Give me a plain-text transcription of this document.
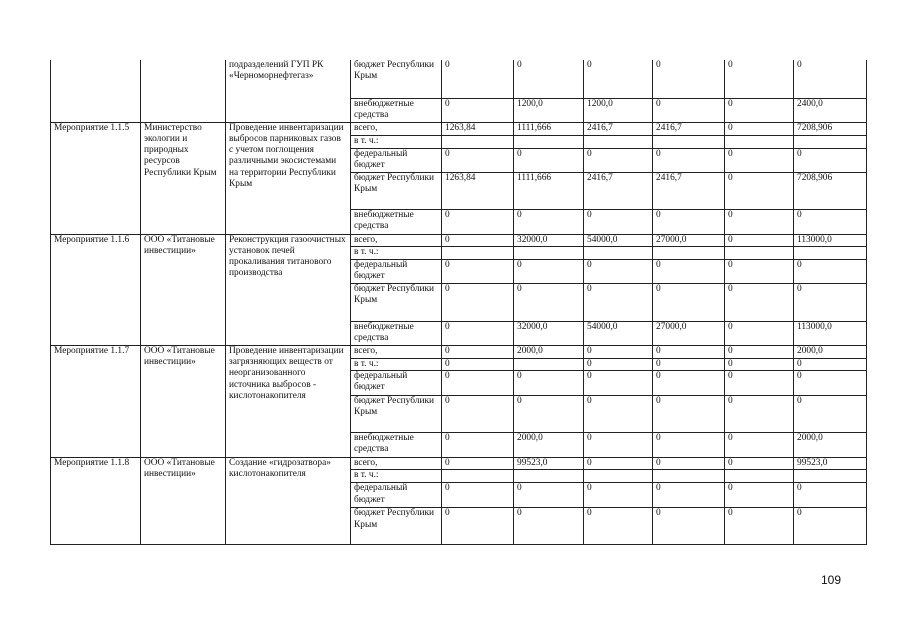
		подразделений ГУП РК «Черноморнефтегаз»	бюджет Республики Крым	0	0	0	0	0	0
			внебюджетные средства	0	1200,0	1200,0	0	0	2400,0
Мероприятие 1.1.5	Министерство экологии и природных ресурсов Республики Крым	Проведение инвентаризации выбросов парниковых газов с учетом поглощения различными экосистемами на территории Республики Крым	всего,	1263,84	1111,666	2416,7	2416,7	0	7208,906
			в т. ч.:						
			федеральный бюджет	0	0	0	0	0	0
			бюджет Республики Крым	1263,84	1111,666	2416,7	2416,7	0	7208,906
			внебюджетные средства	0	0	0	0	0	0
Мероприятие 1.1.6	ООО «Титановые инвестиции»	Реконструкция газоочистных установок печей прокаливания титанового производства	всего,	0	32000,0	54000,0	27000,0	0	113000,0
			в т. ч.:						
			федеральный бюджет	0	0	0	0	0	0
			бюджет Республики Крым	0	0	0	0	0	0
			внебюджетные средства	0	32000,0	54000,0	27000,0	0	113000,0
Мероприятие 1.1.7	ООО «Титановые инвестиции»	Проведение инвентаризации загрязняющих веществ от неорганизованного источника выбросов - кислотонакопителя	всего,	0	2000,0	0	0	0	2000,0
			в т. ч.:	0		0	0	0	0
			федеральный бюджет	0	0	0	0	0	0
			бюджет Республики Крым	0	0	0	0	0	0
			внебюджетные средства	0	2000,0	0	0	0	2000,0
Мероприятие 1.1.8	ООО «Титановые инвестиции»	Создание «гидрозатвора» кислотонакопителя	всего,	0	99523,0	0	0	0	99523,0
			в т. ч.:						
			федеральный бюджет	0	0	0	0	0	0
			бюджет Республики Крым	0	0	0	0	0	0
109
